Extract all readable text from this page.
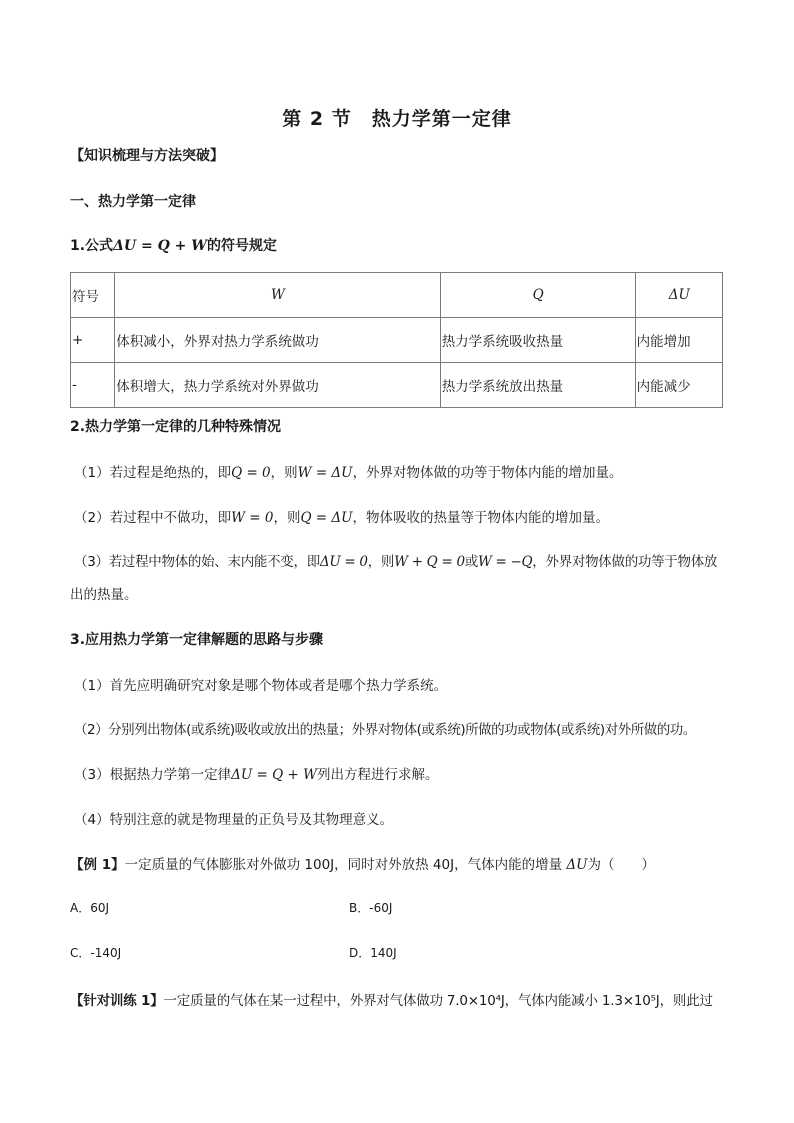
第 2 节　热力学第一定律
【知识梳理与方法突破】
一、热力学第一定律
1.公式ΔU = Q + W的符号规定
符号	W	Q	ΔU
+	体积减小，外界对热力学系统做功	热力学系统吸收热量	内能增加
-	体积增大，热力学系统对外界做功	热力学系统放出热量	内能减少
2.热力学第一定律的几种特殊情况
（1）若过程是绝热的，即Q = 0，则W = ΔU，外界对物体做的功等于物体内能的增加量。
（2）若过程中不做功，即W = 0，则Q = ΔU，物体吸收的热量等于物体内能的增加量。
（3）若过程中物体的始、末内能不变，即ΔU = 0，则W + Q = 0或W = −Q，外界对物体做的功等于物体放
出的热量。
3.应用热力学第一定律解题的思路与步骤
（1）首先应明确研究对象是哪个物体或者是哪个热力学系统。
（2）分别列出物体(或系统)吸收或放出的热量；外界对物体(或系统)所做的功或物体(或系统)对外所做的功。
（3）根据热力学第一定律ΔU = Q + W列出方程进行求解。
（4）特别注意的就是物理量的正负号及其物理意义。
【例 1】一定质量的气体膨胀对外做功 100J，同时对外放热 40J，气体内能的增量 ΔU为（　　）
A．60J	B．-60J
C．-140J	D．140J
【针对训练 1】一定质量的气体在某一过程中，外界对气体做功 7.0×10⁴J，气体内能减小 1.3×10⁵J，则此过
